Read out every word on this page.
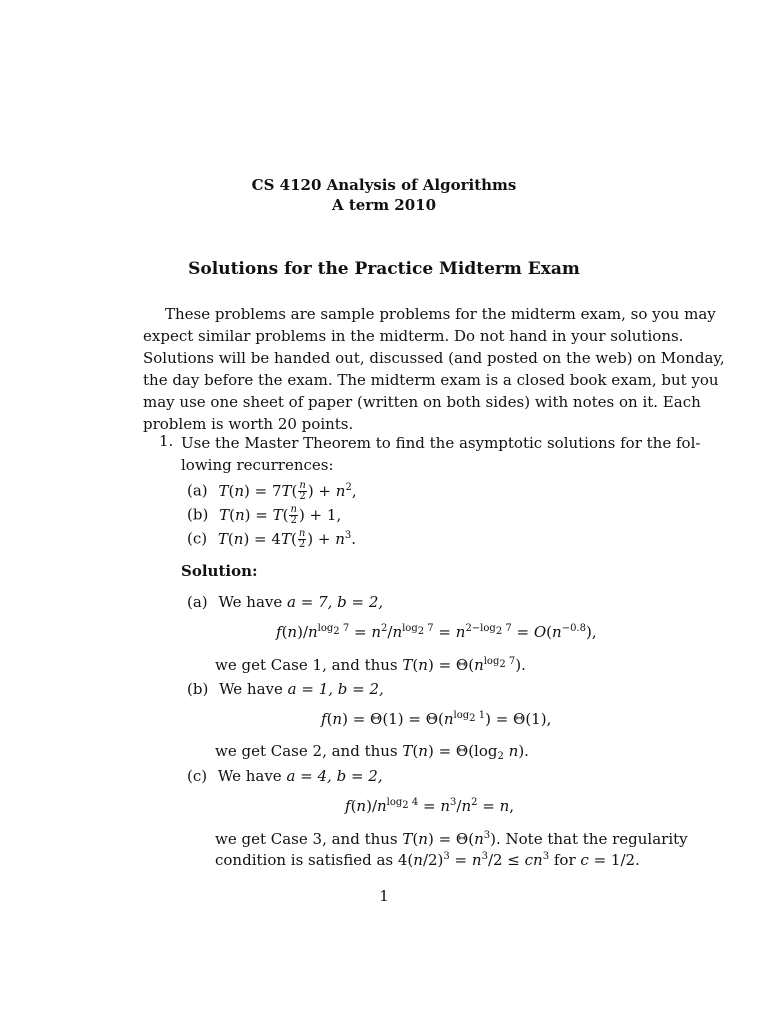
CS 4120 Analysis of Algorithms
A term 2010
Solutions for the Practice Midterm Exam
These problems are sample problems for the midterm exam, so you may
expect similar problems in the midterm. Do not hand in your solutions.
Solutions will be handed out, discussed (and posted on the web) on Monday,
the day before the exam. The midterm exam is a closed book exam, but you
may use one sheet of paper (written on both sides) with notes on it. Each
problem is worth 20 points.
1. Use the Master Theorem to find the asymptotic solutions for the fol-
lowing recurrences:
(a) $T(n) = 7T( \frac{n}{2}$ ) + $n^2$,
(b) $T(n) = T( \frac{n}{2}$ ) + 1,
(c) $T(n) = 4T( \frac{n}{2}$ ) + $n^3$.
Solution:
(a) We have a = 7, b = 2,
$f(n)/n^{log_2 7} = n^2/n^{log_2 7} = n^{2-log_2 7} = O(n^{-0.8})$,
we get Case 1, and thus $T(n) = \Theta(n^{log_2 7})$.
(b) We have a = 1, b = 2,
$f(n) = \Theta(1) = \Theta(n^{log_2 1}) = \Theta(1)$,
we get Case 2, and thus $T(n) = \Theta(\log_2$ n).
(c) We have a = 4, b = 2,
$f(n)/n^{log_2 4} = n^3/n^2 = n$,
we get Case 3, and thus $T(n) = \Theta(n^3)$. Note that the regularity
condition is satisfied as $4(n/2)^3 = n^3/2 \le cn^3$ for c = 1/2.
1
